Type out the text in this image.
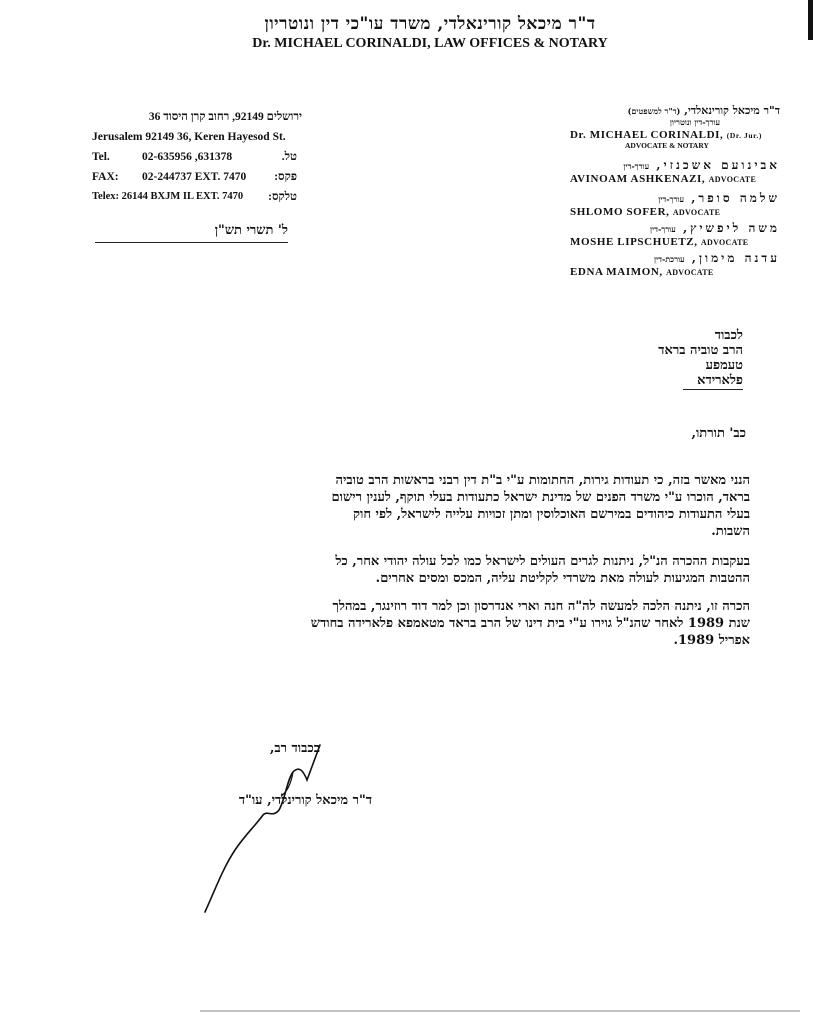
ד"ר מיכאל קורינאלדי, משרד עו"כי דין ונוטריון
Dr. MICHAEL CORINALDI, LAW OFFICES & NOTARY
ירושלים 92149, רחוב קרן היסוד 36
Jerusalem 92149 36, Keren Hayesod St.
Tel.	02-635956 ,631378	טל.
FAX: 02-244737 EXT. 7470	פקס:
Telex: 26144 BXJM IL EXT. 7470	טלקס:
ל' תשרי תש"ן
ד"ר מיכאל קורינאלדי, (ד"ר למשפטים)
עורך-דין ונוטריון
Dr. MICHAEL CORINALDI, (Dr. Jur.)
ADVOCATE & NOTARY
אבינועם אשכנזי, עורך-דין
AVINOAM ASHKENAZI, ADVOCATE
שלמה סופר, עורך-דין
SHLOMO SOFER, ADVOCATE
משה ליפשיץ, עורך-דין
MOSHE LIPSCHUETZ, ADVOCATE
עדנה מימון, עורכת-דין
EDNA MAIMON, ADVOCATE
לכבוד
הרב טוביה בראד
טעמפע
פלארידא
כב' תורתו,
הנני מאשר בזה, כי תעודות גירות, החתומות ע"י ב"ת דין רבני בראשות הרב טוביה
בראד, הוכרו ע"י משרד הפנים של מדינת ישראל כתעודות בעלי תוקף, לענין רישום
בעלי התעודות כיהודים במירשם האוכלוסין ומתן זכויות עלייה לישראל, לפי חוק
השבות.
בעקבות ההכרה הנ"ל, ניתנות לגרים העולים לישראל כמו לכל עולה יהודי אחר, כל
ההטבות המגיעות לעולה מאת משרדי לקליטת עליה, המכס ומסים אחרים.
הכרה זו, ניתנה הלכה למעשה לה"ה חנה וארי אנדרסון וכן למר דוד רוזינגר, במהלך
שנת 1989 לאחר שהנ"ל גוירו ע"י בית דינו של הרב בראד מטאמפא פלארידה בחודש
אפריל 1989.
בכבוד רב,
ד"ר מיכאל קורינלדי, עו"ד
